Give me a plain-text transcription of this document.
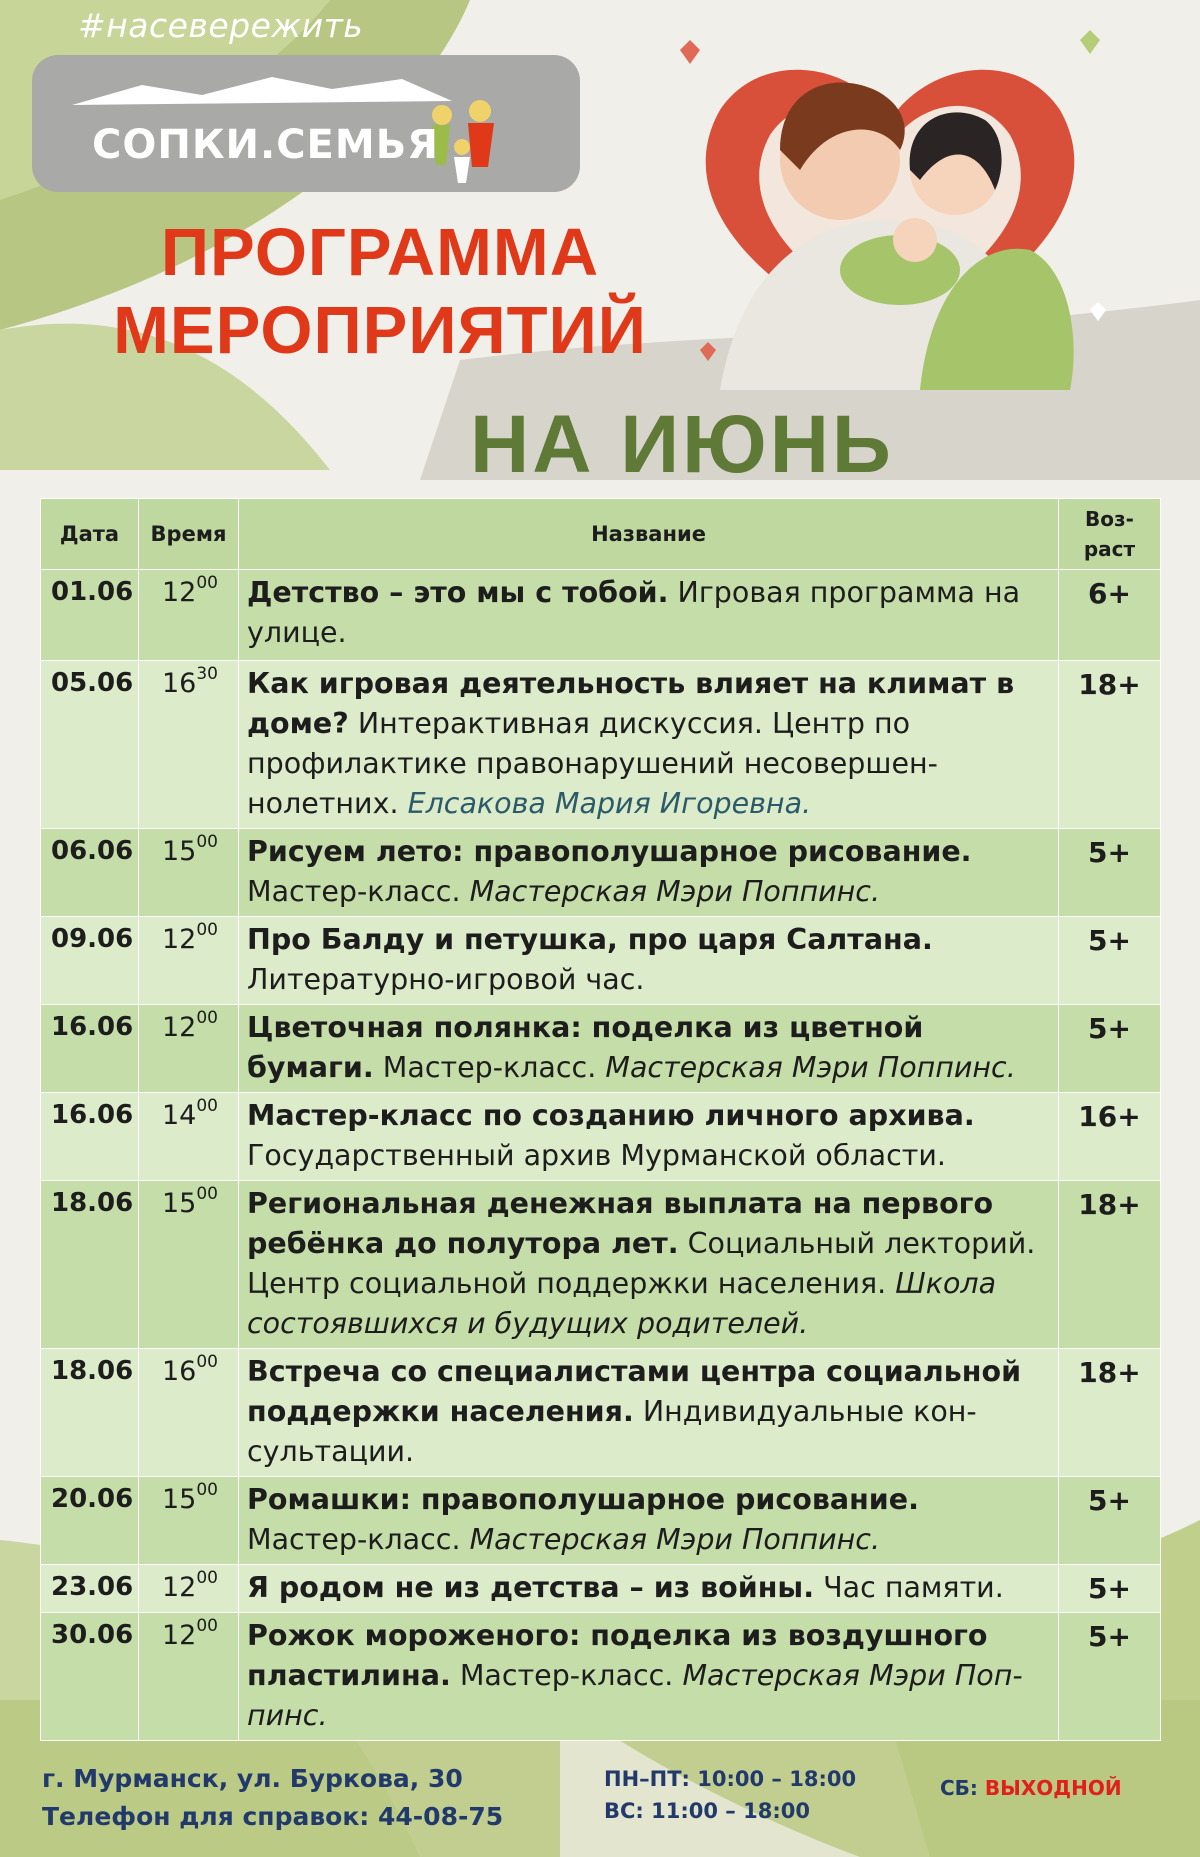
#насевережить
СОПКИ.СЕМЬЯ
ПРОГРАММА
МЕРОПРИЯТИЙ
НА ИЮНЬ
Дата	Время	Название	Воз-
раст
01.06	$12^{00}$	Детство – это мы с тобой. Игровая программа на улице.	6+
05.06	$16^{30}$	Как игровая деятельность влияет на климат в доме? Интерактивная дискуссия. Центр по профилактике правонарушений несовершеннолетних. Елсакова Мария Игоревна.	18+
06.06	$15^{00}$	Рисуем лето: правополушарное рисование. Мастер-класс. Мастерская Мэри Поппинс.	5+
09.06	$12^{00}$	Про Балду и петушка, про царя Салтана. Литературно-игровой час.	5+
16.06	$12^{00}$	Цветочная полянка: поделка из цветной бумаги. Мастер-класс. Мастерская Мэри Поппинс.	5+
16.06	$14^{00}$	Мастер-класс по созданию личного архива. Государственный архив Мурманской области.	16+
18.06	$15^{00}$	Региональная денежная выплата на первого ребёнка до полутора лет. Социальный лекторий. Центр социальной поддержки населения. Школа состоявшихся и будущих родителей.	18+
18.06	$16^{00}$	Встреча со специалистами центра социальной поддержки населения. Индивидуальные консультации.	18+
20.06	$15^{00}$	Ромашки: правополушарное рисование. Мастер-класс. Мастерская Мэри Поппинс.	5+
23.06	$12^{00}$	Я родом не из детства – из войны. Час памяти.	5+
30.06	$12^{00}$	Рожок мороженого: поделка из воздушного пластилина. Мастер-класс. Мастерская Мэри Поппинс.	5+
г. Мурманск, ул. Буркова, 30
Телефон для справок: 44-08-75
ПН–ПТ: 10:00 – 18:00
ВС: 11:00 – 18:00
СБ: ВЫХОДНОЙ
